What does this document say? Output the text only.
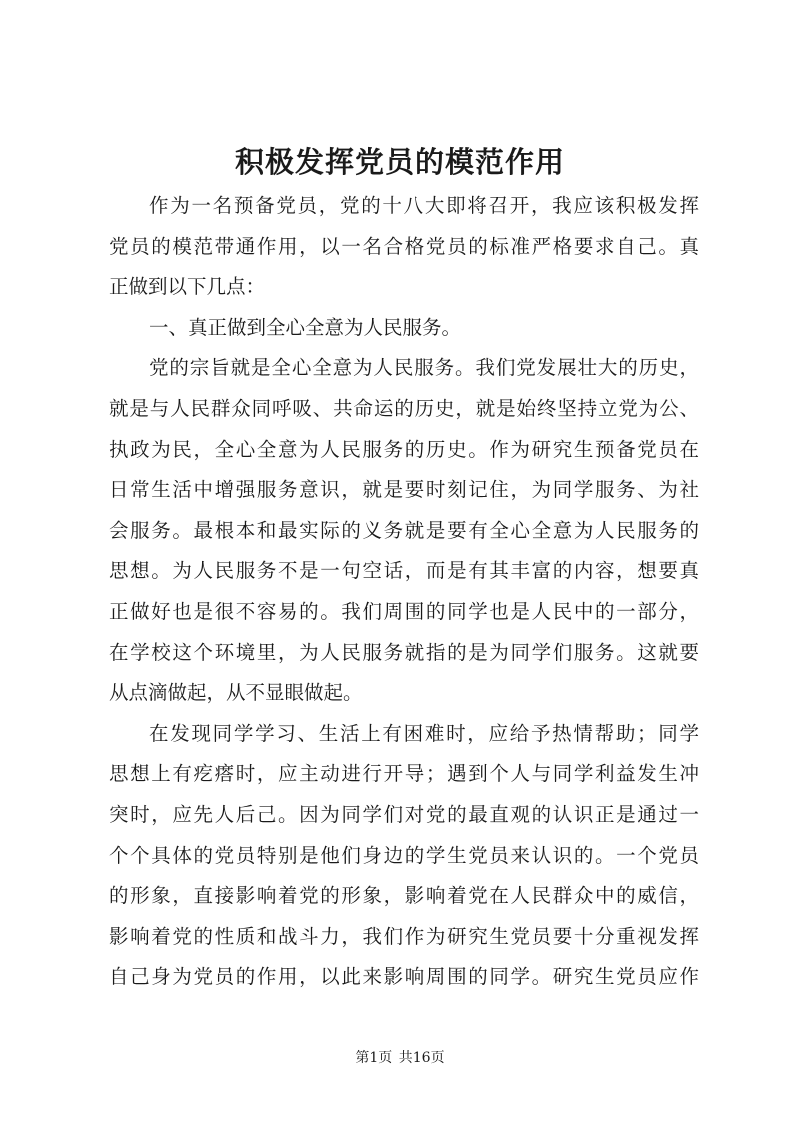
积极发挥党员的模范作用
作为一名预备党员，党的十八大即将召开，我应该积极发挥
党员的模范带通作用，以一名合格党员的标准严格要求自己。真
正做到以下几点：
一、真正做到全心全意为人民服务。
党的宗旨就是全心全意为人民服务。我们党发展壮大的历史，
就是与人民群众同呼吸、共命运的历史，就是始终坚持立党为公、
执政为民，全心全意为人民服务的历史。作为研究生预备党员在
日常生活中增强服务意识，就是要时刻记住，为同学服务、为社
会服务。最根本和最实际的义务就是要有全心全意为人民服务的
思想。为人民服务不是一句空话，而是有其丰富的内容，想要真
正做好也是很不容易的。我们周围的同学也是人民中的一部分，
在学校这个环境里，为人民服务就指的是为同学们服务。这就要
从点滴做起，从不显眼做起。
在发现同学学习、生活上有困难时，应给予热情帮助；同学
思想上有疙瘩时，应主动进行开导；遇到个人与同学利益发生冲
突时，应先人后己。因为同学们对党的最直观的认识正是通过一
个个具体的党员特别是他们身边的学生党员来认识的。一个党员
的形象，直接影响着党的形象，影响着党在人民群众中的威信，
影响着党的性质和战斗力，我们作为研究生党员要十分重视发挥
自己身为党员的作用，以此来影响周围的同学。研究生党员应作
第1页 共16页
